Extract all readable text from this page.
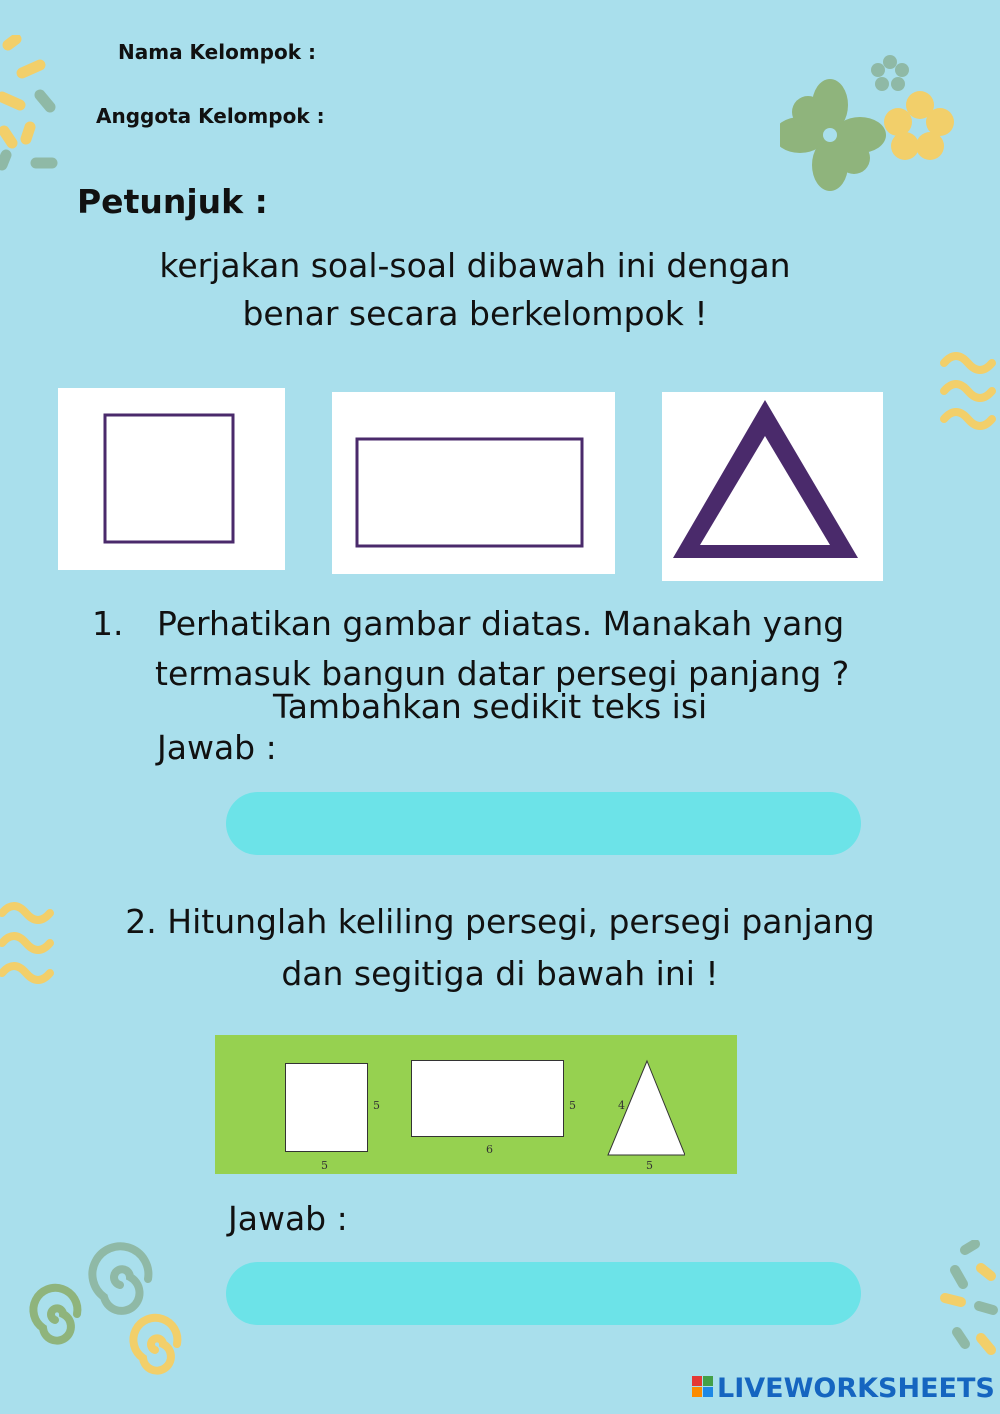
Nama Kelompok :
Anggota Kelompok :
Petunjuk :
kerjakan soal-soal dibawah ini dengan
benar secara berkelompok !
1. Perhatikan gambar diatas. Manakah yang
termasuk bangun datar persegi panjang ?
Tambahkan sedikit teks isi
Jawab :
2. Hitunglah keliling persegi, persegi panjang
dan segitiga di bawah ini !
5
5
5
6
4
5
Jawab :
LIVEWORKSHEETS
